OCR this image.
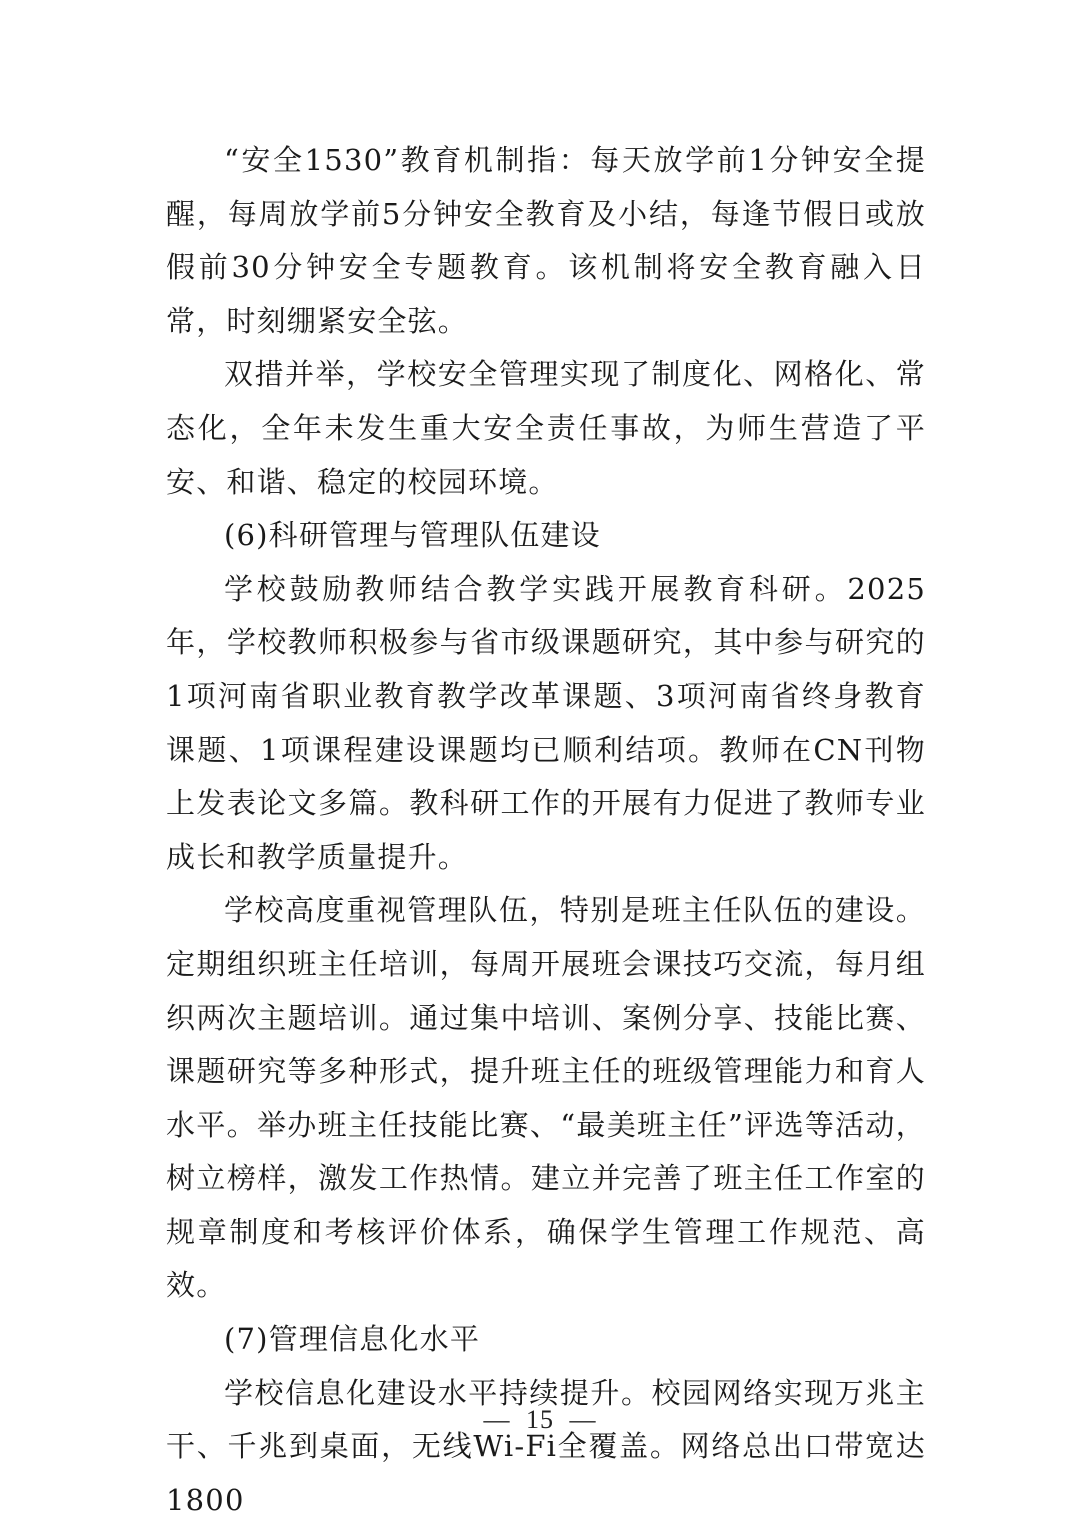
“安全1530”教育机制指：每天放学前1分钟安全提醒，每周放学前5分钟安全教育及小结，每逢节假日或放假前30分钟安全专题教育。该机制将安全教育融入日常，时刻绷紧安全弦。

双措并举，学校安全管理实现了制度化、网格化、常态化，全年未发生重大安全责任事故，为师生营造了平安、和谐、稳定的校园环境。

(6)科研管理与管理队伍建设

学校鼓励教师结合教学实践开展教育科研。2025年，学校教师积极参与省市级课题研究，其中参与研究的1项河南省职业教育教学改革课题、3项河南省终身教育课题、1项课程建设课题均已顺利结项。教师在CN刊物上发表论文多篇。教科研工作的开展有力促进了教师专业成长和教学质量提升。

学校高度重视管理队伍，特别是班主任队伍的建设。定期组织班主任培训，每周开展班会课技巧交流，每月组织两次主题培训。通过集中培训、案例分享、技能比赛、课题研究等多种形式，提升班主任的班级管理能力和育人水平。举办班主任技能比赛、“最美班主任”评选等活动，树立榜样，激发工作热情。建立并完善了班主任工作室的规章制度和考核评价体系，确保学生管理工作规范、高效。

(7)管理信息化水平

学校信息化建设水平持续提升。校园网络实现万兆主干、千兆到桌面，无线Wi-Fi全覆盖。网络总出口带宽达1800

— 15 —
